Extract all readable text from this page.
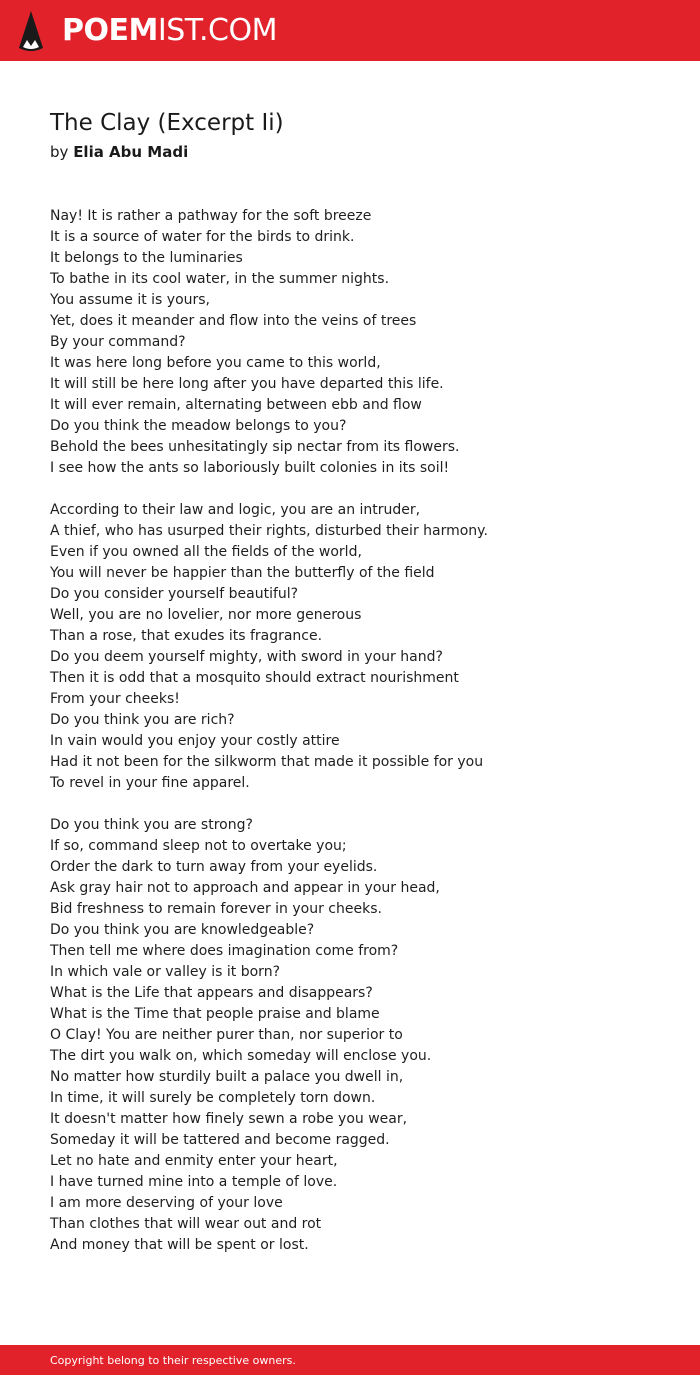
POEMIST.COM
The Clay (Excerpt Ii)

by Elia Abu Madi

Nay! It is rather a pathway for the soft breeze
It is a source of water for the birds to drink.
It belongs to the luminaries
To bathe in its cool water, in the summer nights.
You assume it is yours,
Yet, does it meander and flow into the veins of trees
By your command?
It was here long before you came to this world,
It will still be here long after you have departed this life.
It will ever remain, alternating between ebb and flow
Do you think the meadow belongs to you?
Behold the bees unhesitatingly sip nectar from its flowers.
I see how the ants so laboriously built colonies in its soil!
According to their law and logic, you are an intruder,
A thief, who has usurped their rights, disturbed their harmony.
Even if you owned all the fields of the world,
You will never be happier than the butterfly of the field
Do you consider yourself beautiful?
Well, you are no lovelier, nor more generous
Than a rose, that exudes its fragrance.
Do you deem yourself mighty, with sword in your hand?
Then it is odd that a mosquito should extract nourishment
From your cheeks!
Do you think you are rich?
In vain would you enjoy your costly attire
Had it not been for the silkworm that made it possible for you
To revel in your fine apparel.
Do you think you are strong?
If so, command sleep not to overtake you;
Order the dark to turn away from your eyelids.
Ask gray hair not to approach and appear in your head,
Bid freshness to remain forever in your cheeks.
Do you think you are knowledgeable?
Then tell me where does imagination come from?
In which vale or valley is it born?
What is the Life that appears and disappears?
What is the Time that people praise and blame
O Clay! You are neither purer than, nor superior to
The dirt you walk on, which someday will enclose you.
No matter how sturdily built a palace you dwell in,
In time, it will surely be completely torn down.
It doesn't matter how finely sewn a robe you wear,
Someday it will be tattered and become ragged.
Let no hate and enmity enter your heart,
I have turned mine into a temple of love.
I am more deserving of your love
Than clothes that will wear out and rot
And money that will be spent or lost.
Copyright belong to their respective owners.
